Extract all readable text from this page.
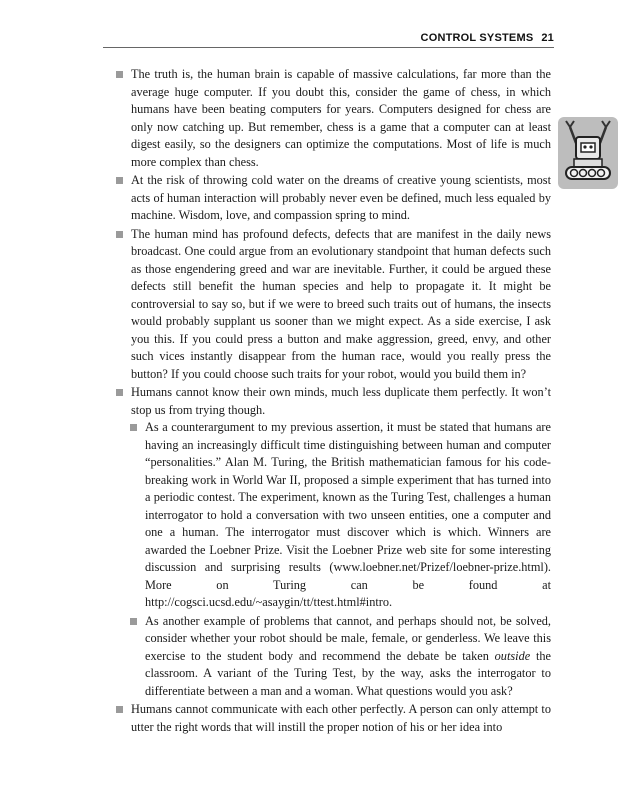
CONTROL SYSTEMS 21

The truth is, the human brain is capable of massive calculations, far more than the average huge computer. If you doubt this, consider the game of chess, in which humans have been beating computers for years. Computers designed for chess are only now catching up. But remember, chess is a game that a computer can at least digest easily, so the designers can optimize the computations. Most of life is much more complex than chess.

At the risk of throwing cold water on the dreams of creative young scientists, most acts of human interaction will probably never even be defined, much less equaled by machine. Wisdom, love, and compassion spring to mind.

The human mind has profound defects, defects that are manifest in the daily news broadcast. One could argue from an evolutionary standpoint that human defects such as those engendering greed and war are inevitable. Further, it could be argued these defects still benefit the human species and help to propagate it. It might be controversial to say so, but if we were to breed such traits out of humans, the insects would probably supplant us sooner than we might expect. As a side exercise, I ask you this. If you could press a button and make aggression, greed, envy, and other such vices instantly disappear from the human race, would you really press the button? If you could choose such traits for your robot, would you build them in?

Humans cannot know their own minds, much less duplicate them perfectly. It won’t stop us from trying though.

As a counterargument to my previous assertion, it must be stated that humans are having an increasingly difficult time distinguishing between human and computer “personalities.” Alan M. Turing, the British mathematician famous for his code-breaking work in World War II, proposed a simple experiment that has turned into a periodic contest. The experiment, known as the Turing Test, challenges a human interrogator to hold a conversation with two unseen entities, one a computer and one a human. The interrogator must discover which is which. Winners are awarded the Loebner Prize. Visit the Loebner Prize web site for some interesting discussion and surprising results (www.loebner.net/Prizef/loebner-prize.html). More on Turing can be found at http://cogsci.ucsd.edu/~asaygin/tt/ttest.html#intro.

As another example of problems that cannot, and perhaps should not, be solved, consider whether your robot should be male, female, or genderless. We leave this exercise to the student body and recommend the debate be taken outside the classroom. A variant of the Turing Test, by the way, asks the interrogator to differentiate between a man and a woman. What questions would you ask?

Humans cannot communicate with each other perfectly. A person can only attempt to utter the right words that will instill the proper notion of his or her idea into
